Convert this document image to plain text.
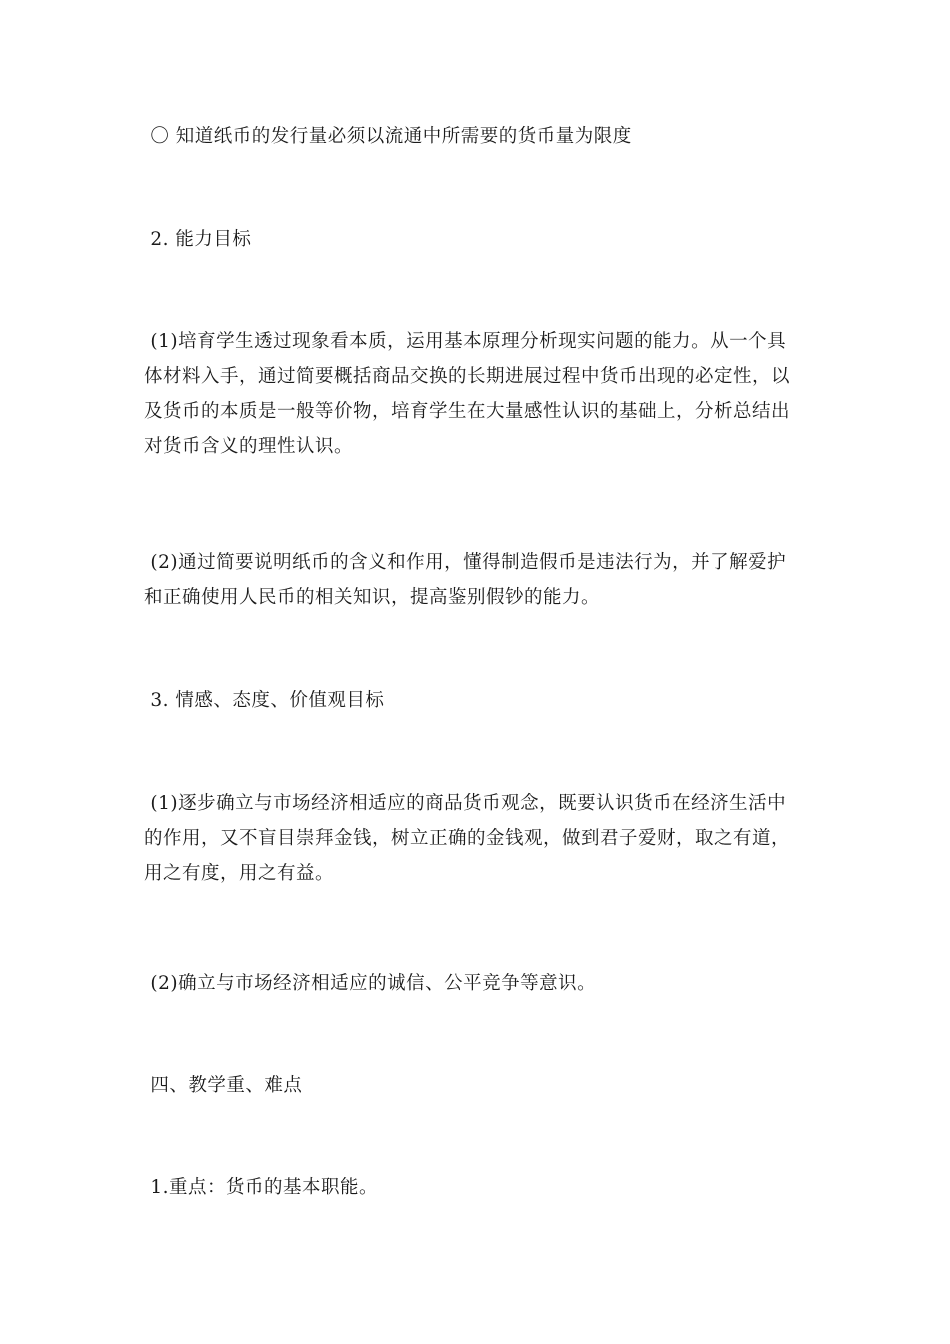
〇 知道纸币的发行量必须以流通中所需要的货币量为限度

2. 能力目标

(1)培育学生透过现象看本质，运用基本原理分析现实问题的能力。从一个具体材料入手，通过简要概括商品交换的长期进展过程中货币出现的必定性，以及货币的本质是一般等价物，培育学生在大量感性认识的基础上，分析总结出对货币含义的理性认识。

(2)通过简要说明纸币的含义和作用，懂得制造假币是违法行为，并了解爱护和正确使用人民币的相关知识，提高鉴别假钞的能力。

3. 情感、态度、价值观目标

(1)逐步确立与市场经济相适应的商品货币观念，既要认识货币在经济生活中的作用，又不盲目崇拜金钱，树立正确的金钱观，做到君子爱财，取之有道，用之有度，用之有益。

(2)确立与市场经济相适应的诚信、公平竞争等意识。

四、教学重、难点

1.重点：货币的基本职能。
